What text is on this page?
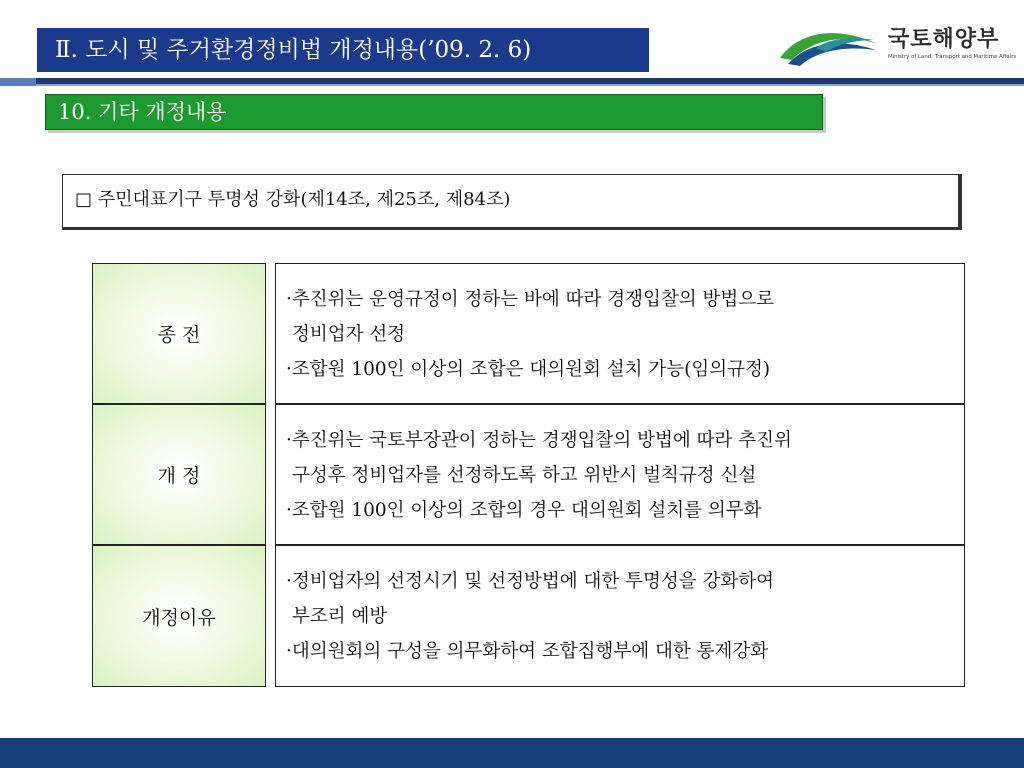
Ⅱ. 도시 및 주거환경정비법 개정내용(’09. 2. 6)	국토해양부
Ministry of Land, Transport and Maritime Affairs
10. 기타 개정내용
□ 주민대표기구 투명성 강화(제14조, 제25조, 제84조)
종 전
·추진위는 운영규정이 정하는 바에 따라 경쟁입찰의 방법으로
정비업자 선정
·조합원 100인 이상의 조합은 대의원회 설치 가능(임의규정)
개 정
·추진위는 국토부장관이 정하는 경쟁입찰의 방법에 따라 추진위
구성후 정비업자를 선정하도록 하고 위반시 벌칙규정 신설
·조합원 100인 이상의 조합의 경우 대의원회 설치를 의무화
개정이유
·정비업자의 선정시기 및 선정방법에 대한 투명성을 강화하여
부조리 예방
·대의원회의 구성을 의무화하여 조합집행부에 대한 통제강화
